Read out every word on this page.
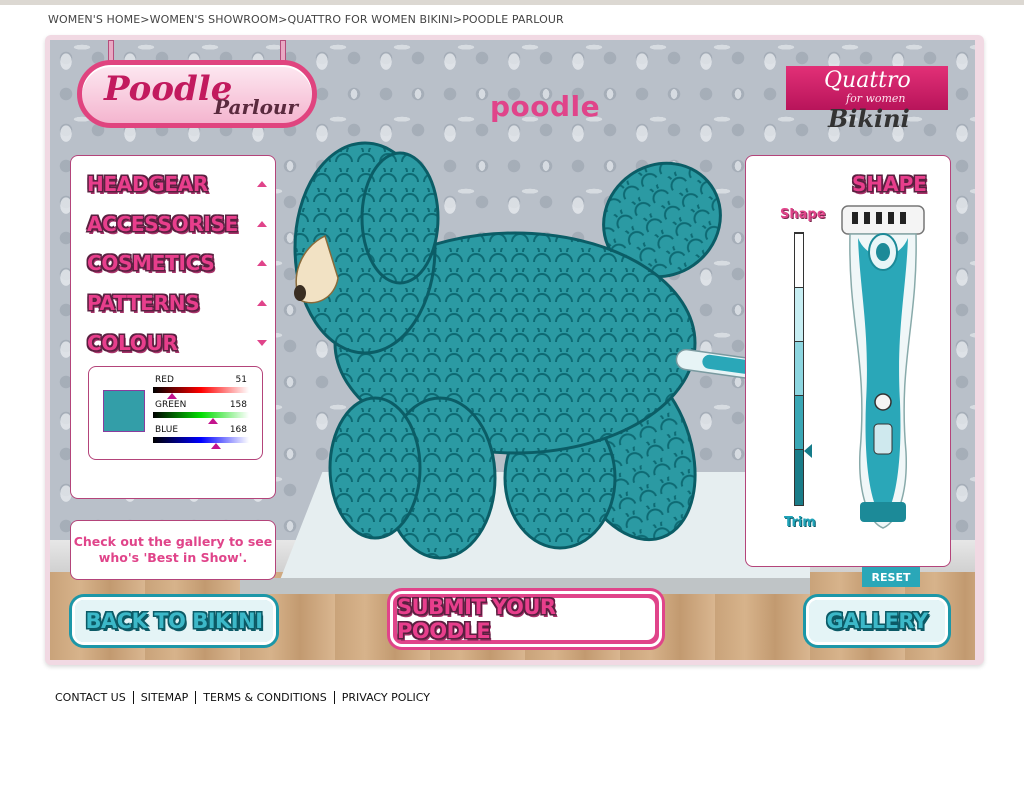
WOMEN'S HOME>WOMEN'S SHOWROOM>QUATTRO FOR WOMEN BIKINI>POODLE PARLOUR
Poodle
Parlour	poodle
Quattro
for women
Bikini
HEADGEAR
ACCESSORISE
COSMETICS
PATTERNS
COLOUR
RED	51
GREEN	158
BLUE	168
Check out the gallery to see who's 'Best in Show'.
SHAPE
Shape
Trim
RESET
BACK TO BIKINI
SUBMIT YOUR POODLE	GALLERY
CONTACT US	SITEMAP	TERMS & CONDITIONS	PRIVACY POLICY
